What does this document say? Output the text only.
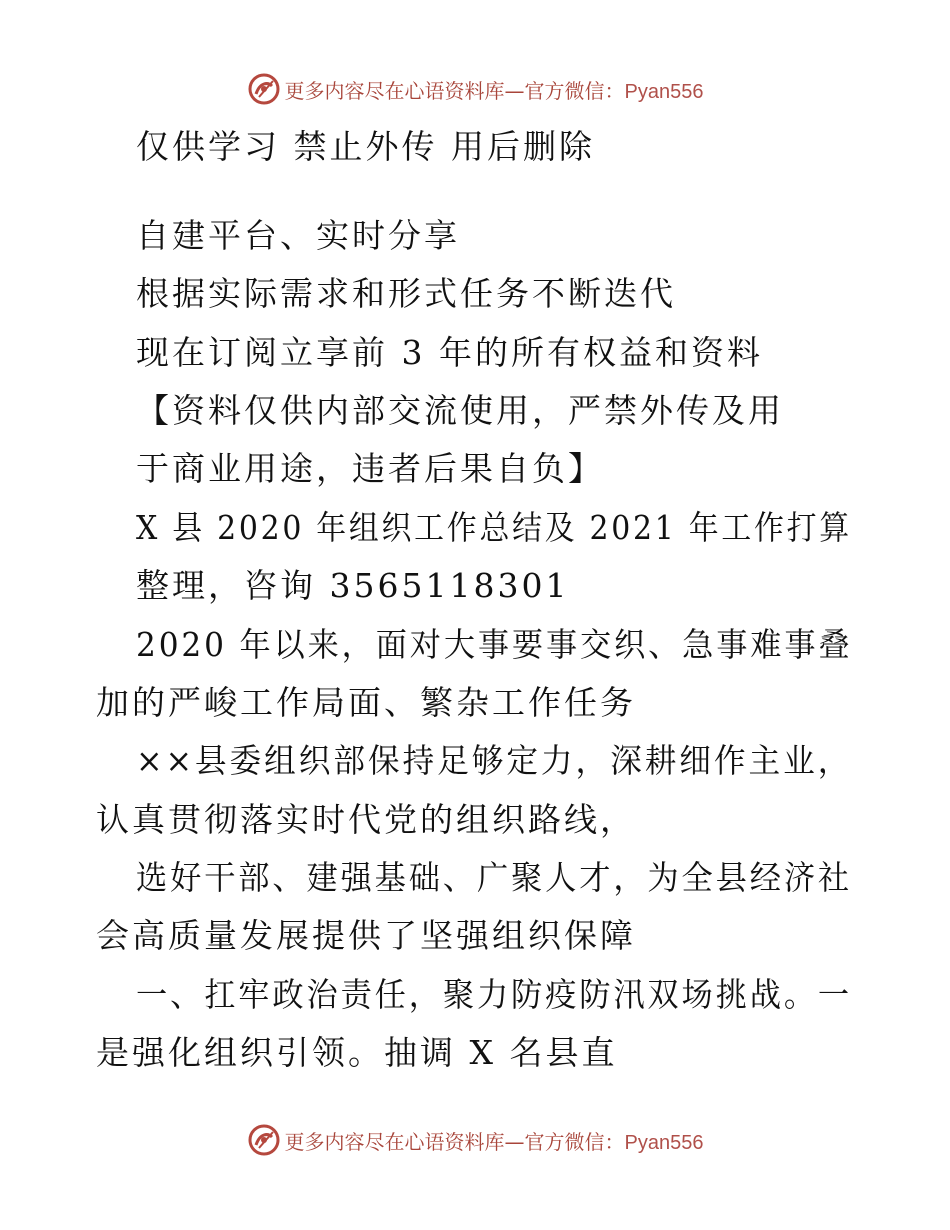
更多内容尽在心语资料库—官方微信：Pyan556
仅供学习 禁止外传 用后删除
自建平台、实时分享
根据实际需求和形式任务不断迭代
现在订阅立享前 3 年的所有权益和资料
【资料仅供内部交流使用，严禁外传及用
于商业用途，违者后果自负】
X 县 2020 年组织工作总结及 2021 年工作打算
整理，咨询 3565118301
2020 年以来，面对大事要事交织、急事难事叠
加的严峻工作局面、繁杂工作任务
××县委组织部保持足够定力，深耕细作主业，
认真贯彻落实时代党的组织路线，
选好干部、建强基础、广聚人才，为全县经济社
会高质量发展提供了坚强组织保障
一、扛牢政治责任，聚力防疫防汛双场挑战。一
是强化组织引领。抽调 X 名县直
更多内容尽在心语资料库—官方微信：Pyan556
